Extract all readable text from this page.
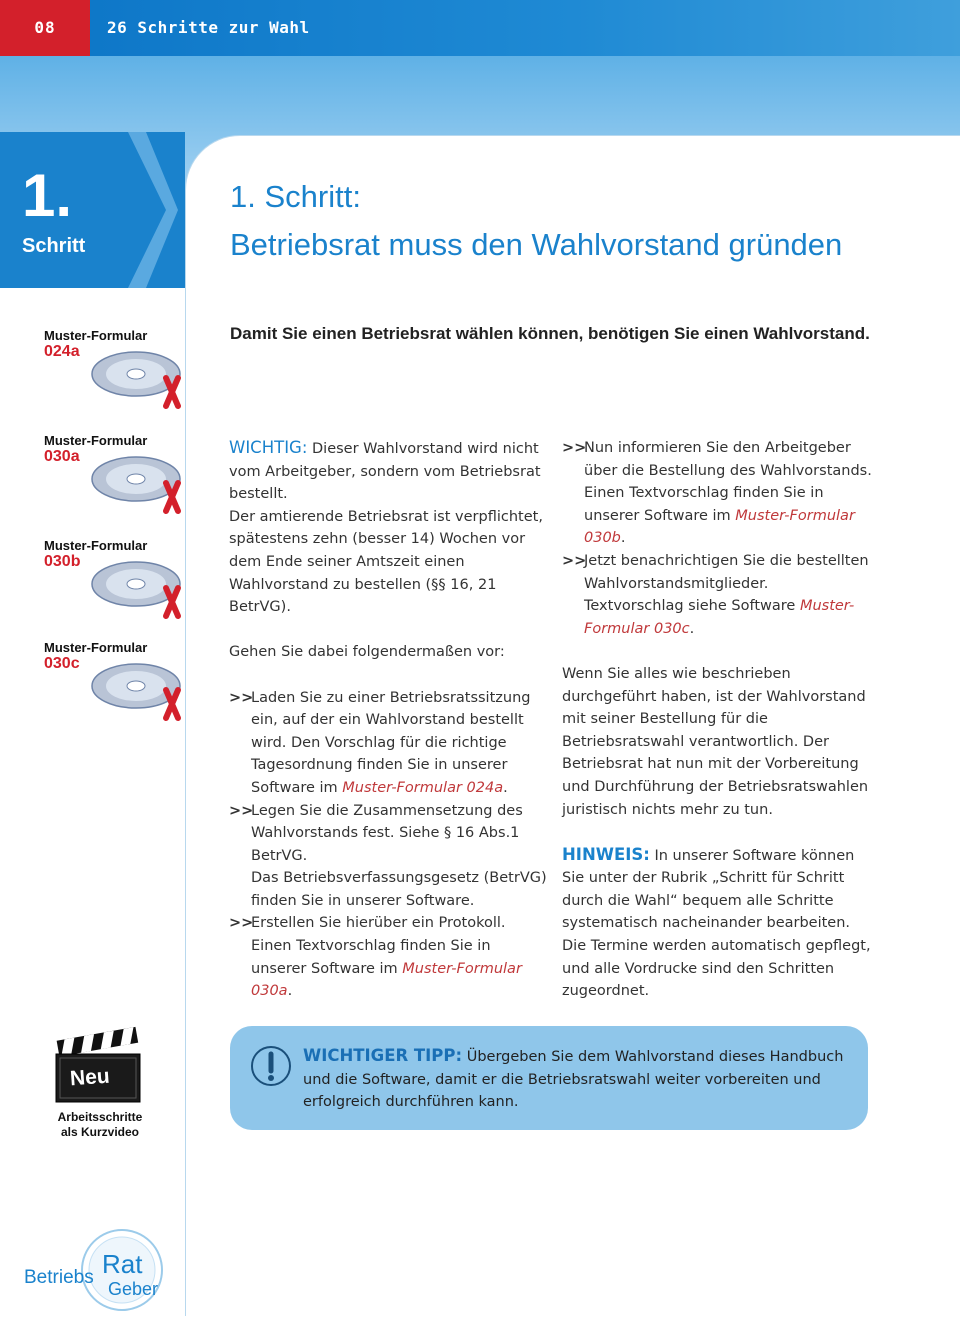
08	26 Schritte zur Wahl
1.
Schritt
1. Schritt:
Betriebsrat muss den Wahlvorstand gründen
Damit Sie einen Betriebsrat wählen können, benötigen Sie einen Wahlvorstand.
Muster-Formular
024a
Muster-Formular
030a
Muster-Formular
030b
Muster-Formular
030c

WICHTIG: Dieser Wahlvorstand wird nicht vom Arbeitgeber, sondern vom Betriebsrat bestellt.

Der amtierende Betriebsrat ist verpflichtet, spätestens zehn (besser 14) Wochen vor dem Ende seiner Amtszeit einen Wahlvorstand zu bestellen (§§ 16, 21 BetrVG).

Gehen Sie dabei folgendermaßen vor:

>>
Laden Sie zu einer Betriebsratssitzung ein, auf der ein Wahlvorstand bestellt wird. Den Vorschlag für die richtige Tagesordnung finden Sie in unserer Software im Muster-Formular 024a.
>>
Legen Sie die Zusammensetzung des Wahlvorstands fest. Siehe § 16 Abs.1 BetrVG.
Das Betriebsverfassungsgesetz (BetrVG) finden Sie in unserer Software.
>>
Erstellen Sie hierüber ein Protokoll.
Einen Textvorschlag finden Sie in unserer Software im Muster-Formular 030a.
>>
Nun informieren Sie den Arbeitgeber über die Bestellung des Wahlvorstands. Einen Textvorschlag finden Sie in unserer Software im Muster-Formular 030b.
>>
Jetzt benachrichtigen Sie die bestellten Wahlvorstandsmitglieder.
Textvorschlag siehe Software Muster-Formular 030c.

Wenn Sie alles wie beschrieben durchgeführt haben, ist der Wahlvorstand mit seiner Bestellung für die Betriebsratswahl verantwortlich. Der Betriebsrat hat nun mit der Vorbereitung und Durchführung der Betriebsratswahlen juristisch nichts mehr zu tun.

HINWEIS: In unserer Software können Sie unter der Rubrik „Schritt für Schritt durch die Wahl“ bequem alle Schritte systematisch nacheinander bearbeiten. Die Termine werden automatisch gepflegt, und alle Vordrucke sind den Schritten zugeordnet.

Neu
Arbeitsschritte
als Kurzvideo
WICHTIGER TIPP: Übergeben Sie dem Wahlvorstand dieses Handbuch und die Software, damit er die Betriebsratswahl weiter vorbereiten und erfolgreich durchführen kann.
Betriebs Rat
Geber
